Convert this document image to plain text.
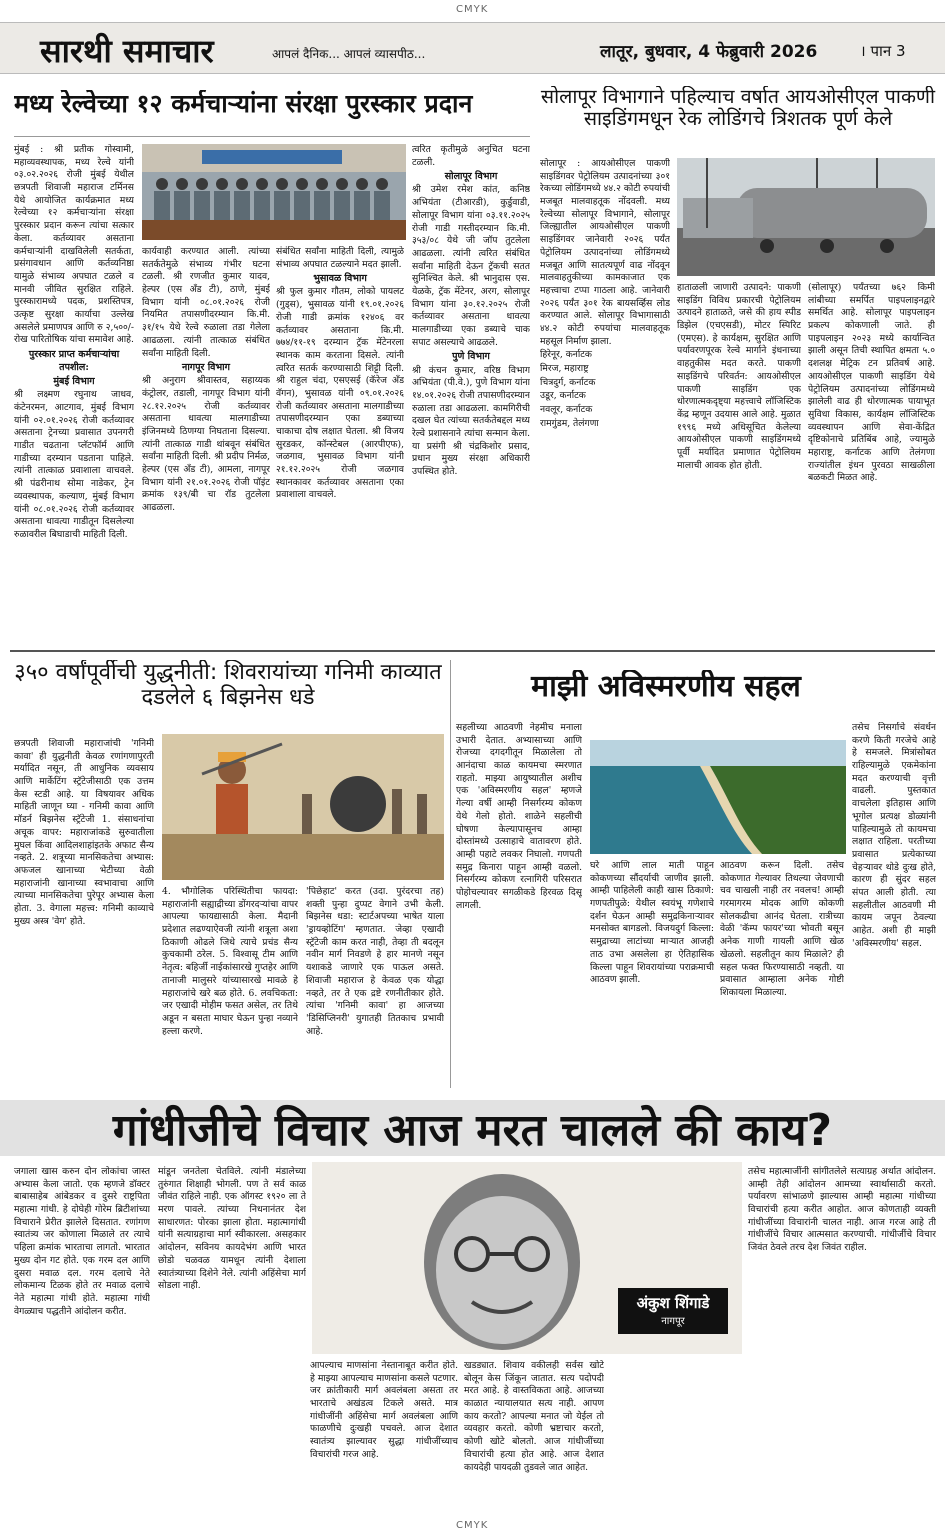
CMYK
सारथी समाचार	आपलं दैनिक... आपलं व्यासपीठ...	लातूर, बुधवार, 4 फेब्रुवारी 2026	। पान 3
मध्य रेल्वेच्या १२ कर्मचाऱ्यांना संरक्षा पुरस्कार प्रदान

मुंबई : श्री प्रतीक गोस्वामी, महाव्यवस्थापक, मध्य रेल्वे यांनी ०३.०२.२०२६ रोजी मुंबई येथील छत्रपती शिवाजी महाराज टर्मिनस येथे आयोजित कार्यक्रमात मध्य रेल्वेच्या १२ कर्मचाऱ्यांना संरक्षा पुरस्कार प्रदान करून त्यांचा सत्कार केला. कर्तव्यावर असताना कर्मचाऱ्यांनी दाखविलेली सतर्कता, प्रसंगावधान आणि कर्तव्यनिष्ठा यामुळे संभाव्य अपघात टळले व मानवी जीवित सुरक्षित राहिले. पुरस्कारामध्ये पदक, प्रशस्तिपत्र, उत्कृष्ट सुरक्षा कार्याचा उल्लेख असलेले प्रमाणपत्र आणि रु २,५००/- रोख पारितोषिक यांचा समावेश आहे.

पुरस्कार प्राप्त कर्मचाऱ्यांचा तपशील:

मुंबई विभाग

श्री लक्ष्मण रघुनाथ जाधव, कंटेनरमन, आटगाव, मुंबई विभाग यांनी ०२.०१.२०२६ रोजी कर्तव्यावर असताना ट्रेनच्या प्रवासात उपनगरी गाडीत चढताना प्लॅटफॉर्म आणि गाडीच्या दरम्यान पडताना पाहिले. त्यांनी तात्काळ प्रवाशाला वाचवले. श्री पंढरीनाथ सोमा नाडेकर, ट्रेन व्यवस्थापक, कल्याण, मुंबई विभाग यांनी ०८.०१.२०२६ रोजी कर्तव्यावर असताना धावत्या गाडीतून दिसलेल्या रुळावरील बिघाडाची माहिती दिली.

कार्यवाही करण्यात आली. त्यांच्या सतर्कतेमुळे संभाव्य गंभीर घटना टळली. श्री रणजीत कुमार यादव, हेल्पर (एस अँड टी), ठाणे, मुंबई विभाग यांनी ०८.०१.२०२६ रोजी नियमित तपासणीदरम्यान कि.मी. ३१/१५ येथे रेल्वे रुळाला तडा गेलेला आढळला. त्यांनी तात्काळ संबंधित सर्वांना माहिती दिली.

नागपूर विभाग

श्री अनुराग श्रीवास्तव, सहाय्यक कंट्रोलर, तडाली, नागपूर विभाग यांनी २८.१२.२०२५ रोजी कर्तव्यावर असताना धावत्या मालगाडीच्या इंजिनमध्ये ठिणग्या निघताना दिसल्या. त्यांनी तात्काळ गाडी थांबवून संबंधित सर्वांना माहिती दिली. श्री प्रदीप निर्मळ, हेल्पर (एस अँड टी), आमला, नागपूर विभाग यांनी २१.०१.२०२६ रोजी पॉइंट क्रमांक १३९/बी चा रॉड तुटलेला आढळला.

संबंधित सर्वांना माहिती दिली, त्यामुळे संभाव्य अपघात टळल्याने मदत झाली.

भुसावळ विभाग

श्री फुल कुमार गौतम, लोको पायलट (गुड्स), भुसावळ यांनी १९.०१.२०२६ रोजी गाडी क्रमांक १२४०६ वर कर्तव्यावर असताना कि.मी. ७७४/११-१९ दरम्यान ट्रॅक मेंटेनरला स्थानक काम करताना दिसले. त्यांनी त्वरित सतर्क करण्यासाठी शिट्टी दिली. श्री राहुल चंदा, एसएसई (कॅरेज अँड वॅगन), भुसावळ यांनी ०९.०१.२०२६ रोजी कर्तव्यावर असताना मालगाडीच्या तपासणीदरम्यान एका डब्याच्या चाकाचा दोष लक्षात घेतला. श्री विजय सुरडकर, कॉन्स्टेबल (आरपीएफ), जळगाव, भुसावळ विभाग यांनी २१.१२.२०२५ रोजी जळगाव स्थानकावर कर्तव्यावर असताना एका प्रवाशाला वाचवले.

त्वरित कृतीमुळे अनुचित घटना टळली.

सोलापूर विभाग

श्री उमेश रमेश कांत, कनिष्ठ अभियंता (टीआरडी), कुर्डुवाडी, सोलापूर विभाग यांना ०३.११.२०२५ रोजी गाडी गस्तीदरम्यान कि.मी. ३५३/०८ येथे जी जॉप तुटलेला आढळला. त्यांनी त्वरित संबंधित सर्वांना माहिती देऊन ट्रॅकची सतत सुनिश्चित केले. श्री भानुदास एस. येळके, ट्रॅक मेंटेनर, अरग, सोलापूर विभाग यांना ३०.१२.२०२५ रोजी कर्तव्यावर असताना धावत्या मालगाडीच्या एका डब्याचे चाक सपाट असल्याचे आढळले.

पुणे विभाग

श्री कंचन कुमार, वरिष्ठ विभाग अभियंता (पी.वे.), पुणे विभाग यांना १४.०१.२०२६ रोजी तपासणीदरम्यान रुळाला तडा आढळला. कामगिरीची दखल घेत त्यांच्या सतर्कतेबद्दल मध्य रेल्वे प्रशासनाने त्यांचा सन्मान केला. या प्रसंगी श्री चंद्रकिशोर प्रसाद, प्रधान मुख्य संरक्षा अधिकारी उपस्थित होते.

सोलापूर विभागाने पहिल्याच वर्षात आयओसीएल पाकणी साइडिंगमधून रेक लोडिंगचे त्रिशतक पूर्ण केले

सोलापूर : आयओसीएल पाकणी साइडिंगवर पेट्रोलियम उत्पादनांच्या ३०१ रेकच्या लोडिंगमध्ये ४४.२ कोटी रुपयांची मजबूत मालवाहतूक नोंदवली. मध्य रेल्वेच्या सोलापूर विभागाने, सोलापूर जिल्ह्यातील आयओसीएल पाकणी साइडिंगवर जानेवारी २०२६ पर्यंत पेट्रोलियम उत्पादनांच्या लोडिंगमध्ये मजबूत आणि सातत्यपूर्ण वाढ नोंदवून मालवाहतुकीच्या कामकाजात एक महत्त्वाचा टप्पा गाठला आहे. जानेवारी २०२६ पर्यंत ३०१ रेक बायसर्व्हिस लोड करण्यात आले. सोलापूर विभागासाठी ४४.२ कोटी रुपयांचा मालवाहतूक महसूल निर्माण झाला.

हिरेनूर, कर्नाटक

मिरज, महाराष्ट्र

चित्रदुर्ग, कर्नाटक

उडूर, कर्नाटक

नवलूर, कर्नाटक

रामगुंडम, तेलंगणा

हाताळली जाणारी उत्पादने: पाकणी साइडिंग विविध प्रकारची पेट्रोलियम उत्पादने हाताळते, जसे की हाय स्पीड डिझेल (एचएसडी), मोटर स्पिरिट (एमएस). हे कार्यक्षम, सुरक्षित आणि पर्यावरणपूरक रेल्वे मार्गाने इंधनाच्या वाहतुकीस मदत करते. पाकणी साइडिंगचे परिवर्तन: आयओसीएल पाकणी साइडिंग एक धोरणात्मकदृष्ट्या महत्त्वाचे लॉजिस्टिक केंद्र म्हणून उदयास आले आहे. मुळात १९९६ मध्ये अधिसूचित केलेल्या आयओसीएल पाकणी साइडिंगमध्ये पूर्वी मर्यादित प्रमाणात पेट्रोलियम मालाची आवक होत होती.

(सोलापूर) पर्यंतच्या ७६२ किमी लांबीच्या समर्पित पाइपलाइनद्वारे समर्थित आहे. सोलापूर पाइपलाइन प्रकल्प कोकणाली जाते. ही पाइपलाइन २०२३ मध्ये कार्यान्वित झाली असून तिची स्थापित क्षमता ५.० दशलक्ष मेट्रिक टन प्रतिवर्ष आहे. आयओसीएल पाकणी साइडिंग येथे पेट्रोलियम उत्पादनांच्या लोडिंगमध्ये झालेली वाढ ही धोरणात्मक पायाभूत सुविधा विकास, कार्यक्षम लॉजिस्टिक व्यवस्थापन आणि सेवा-केंद्रित दृष्टिकोनाचे प्रतिबिंब आहे, ज्यामुळे महाराष्ट्र, कर्नाटक आणि तेलंगणा राज्यांतील इंधन पुरवठा साखळीला बळकटी मिळत आहे.

३५० वर्षांपूर्वीची युद्धनीती: शिवरायांच्या गनिमी काव्यात दडलेले ६ बिझनेस धडे

छत्रपती शिवाजी महाराजांची 'गनिमी कावा' ही युद्धनीती केवळ रणांगणापुरती मर्यादित नसून, ती आधुनिक व्यवसाय आणि मार्केटिंग स्ट्रॅटेजीसाठी एक उत्तम केस स्टडी आहे. या विषयावर अधिक माहिती जाणून घ्या - गनिमी कावा आणि मॉडर्न बिझनेस स्ट्रॅटेजी 1. संसाधनांचा अचूक वापर: महाराजांकडे सुरुवातीला मुघल किंवा आदिलशाहांइतके अफाट सैन्य नव्हते. 2. शत्रूच्या मानसिकतेचा अभ्यास: अफजल खानाच्या भेटीच्या वेळी महाराजांनी खानाच्या स्वभावाचा आणि त्याच्या मानसिकतेचा पुरेपूर अभ्यास केला होता. 3. वेगाला महत्त्व: गनिमी काव्याचे मुख्य अस्त्र 'वेग' होते.

4. भौगोलिक परिस्थितीचा फायदा: महाराजांनी सह्याद्रीच्या डोंगरदऱ्यांचा वापर आपल्या फायद्यासाठी केला. मैदानी प्रदेशात लढण्याऐवजी त्यांनी शत्रूला अशा ठिकाणी ओढले जिथे त्याचे प्रचंड सैन्य कुचकामी ठरेल. 5. विश्वासू टीम आणि नेतृत्व: बहिर्जी नाईकांसारखे गुप्तहेर आणि तानाजी मालुसरे यांच्यासारखे मावळे हे महाराजांचे खरे बळ होते. 6. लवचिकता: जर एखादी मोहीम फसत असेल, तर तिथे अडून न बसता माघार घेऊन पुन्हा नव्याने हल्ला करणे.

'पिछेहाट' करत (उदा. पुरंदरचा तह) शक्ती पुन्हा दुप्पट वेगाने उभी केली. बिझनेस धडा: स्टार्टअपच्या भाषेत याला 'ड्रायव्होटिंग' म्हणतात. जेव्हा एखादी स्ट्रॅटेजी काम करत नाही, तेव्हा ती बदलून नवीन मार्ग निवडणे हे हार मानणे नसून यशाकडे जाणारे एक पाऊल असते. शिवाजी महाराज हे केवळ एक योद्धा नव्हते, तर ते एक द्रष्टे रणनीतीकार होते. त्यांचा 'गनिमी कावा' हा आजच्या 'डिसिप्लिनरी' युगातही तितकाच प्रभावी आहे.

माझी अविस्मरणीय सहल

सहलीच्या आठवणी नेहमीच मनाला उभारी देतात. अभ्यासाच्या आणि रोजच्या दगदगीतून मिळालेला तो आनंदाचा काळ कायमचा स्मरणात राहतो. माझ्या आयुष्यातील अशीच एक 'अविस्मरणीय सहल' म्हणजे गेल्या वर्षी आम्ही निसर्गरम्य कोकण येथे गेलो होतो. शाळेने सहलीची घोषणा केल्यापासूनच आम्हा दोस्तांमध्ये उत्साहाचे वातावरण होते. आम्ही पहाटे लवकर निघालो. गणपती समुद्र किनारा पाहून आम्ही वळलो. निसर्गरम्य कोकण रत्नागिरी परिसरात पोहोचल्यावर सगळीकडे हिरवळ दिसू लागली.

घरे आणि लाल माती पाहून कोकणच्या सौंदर्याची जाणीव झाली. आम्ही पाहिलेली काही खास ठिकाणे: गणपतीपुळे: येथील स्वयंभू गणेशाचे दर्शन घेऊन आम्ही समुद्रकिनाऱ्यावर मनसोक्त बागडलो. विजयदुर्ग किल्ला: समुद्राच्या लाटांच्या माऱ्यात आजही ताठ उभा असलेला हा ऐतिहासिक किल्ला पाहून शिवरायांच्या पराक्रमाची आठवण झाली.

आठवण करून दिली. तसेच कोकणात गेल्यावर तिथल्या जेवणाची चव चाखली नाही तर नवलच! आम्ही गरमागरम मोदक आणि कोकणी सोलकढीचा आनंद घेतला. रात्रीच्या वेळी 'कॅम्प फायर'च्या भोवती बसून अनेक गाणी गायली आणि खेळ खेळलो. सहलीतून काय मिळाले? ही सहल फक्त फिरण्यासाठी नव्हती. या प्रवासात आम्हाला अनेक गोष्टी शिकायला मिळाल्या.

तसेच निसर्गाचे संवर्धन करणे किती गरजेचे आहे हे समजले. मित्रांसोबत राहिल्यामुळे एकमेकांना मदत करण्याची वृत्ती वाढली. पुस्तकात वाचलेला इतिहास आणि भूगोल प्रत्यक्ष डोळ्यांनी पाहिल्यामुळे तो कायमचा लक्षात राहिला. परतीच्या प्रवासात प्रत्येकाच्या चेहऱ्यावर थोडे दुःख होते, कारण ही सुंदर सहल संपत आली होती. त्या सहलीतील आठवणी मी कायम जपून ठेवल्या आहेत. अशी ही माझी 'अविस्मरणीय' सहल.

गांधीजीचे विचार आज मरत चालले की काय?

जगाला खास करुन दोन लोकांचा जास्त अभ्यास केला जातो. एक म्हणजे डॉक्टर बाबासाहेब आंबेडकर व दुसरे राष्ट्रपिता महात्मा गांधी. हे दोघेही गोरेम ब्रिटीशांच्या विचाराने प्रेरीत झालेले दिसतात. रणांगण स्वातंत्र्य जर कोणाला मिळाले तर त्याचे पहिला क्रमांक भारताचा लागतो. भारतात मुख्य दोन गट होते. एक गरम दल आणि दुसरा मवाळ दल. गरम दलाचे नेते लोकमान्य टिळक होते तर मवाळ दलाचे नेते महात्मा गांधी होते. महात्मा गांधी वेगळ्याच पद्धतीने आंदोलन करीत.

मांडून जनतेला चेतविले. त्यांनी मंडालेच्या तुरुंगात शिक्षाही भोगली. पण ते सर्व काळ जीवंत राहिले नाही. एक ऑगस्ट १९२० ला ते मरण पावले. त्यांच्या निधनानंतर देश साधारणत: पोरका झाला होता. महात्मागांधी यांनी सत्याग्रहाचा मार्ग स्वीकारला. असहकार आंदोलन, सविनय कायदेभंग आणि भारत छोडो चळवळ यामधून त्यांनी देशाला स्वातंत्र्याच्या दिशेने नेले. त्यांनी अहिंसेचा मार्ग सोडला नाही.

अंकुश शिंगाडे
नागपूर

आपल्याच माणसांना नेस्तानाबूत करीत होते. हे माझ्या आपल्याच माणसांना कसले पटणार. जर क्रांतीकारी मार्ग अवलंबला असता तर भारताचे अखंडत्व टिकले असते. मात्र गांधीजींनी अहिंसेचा मार्ग अवलंबला आणि फाळणीचे दुःखही पचवले. आज देशात स्वातंत्र्य झाल्यावर सुद्धा गांधीजींच्याच विचारांची गरज आहे.

खडड्यात. शिवाय वकीलही सर्वस खोटे बोलून केस जिंकून जातात. सत्य पदोपदी मरत आहे. हे वास्तविकता आहे. आजच्या काळात न्यायालयात सत्य नाही. आपण काय करतो? आपल्या मनात जो येईल तो व्यवहार करतो. कोणी भ्रष्टाचार करतो, कोणी खोटे बोलतो. आज गांधीजींच्या विचारांची हत्या होत आहे. आज देशात कायदेही पायदळी तुडवले जात आहेत.

तसेच महात्माजींनी सांगीतलेले सत्याग्रह अर्थात आंदोलन. आम्ही तेही आंदोलन आमच्या स्वार्थासाठी करतो. पर्यावरण सांभाळणे झाल्यास आम्ही महात्मा गांधीच्या विचारांची हत्या करीत आहोत. आज कोणताही व्यक्ती गांधीजींच्या विचारांनी चालत नाही. आज गरज आहे ती गांधीजींचे विचार आत्मसात करण्याची. गांधीजींचे विचार जिवंत ठेवले तरच देश जिवंत राहील.

CMYK
